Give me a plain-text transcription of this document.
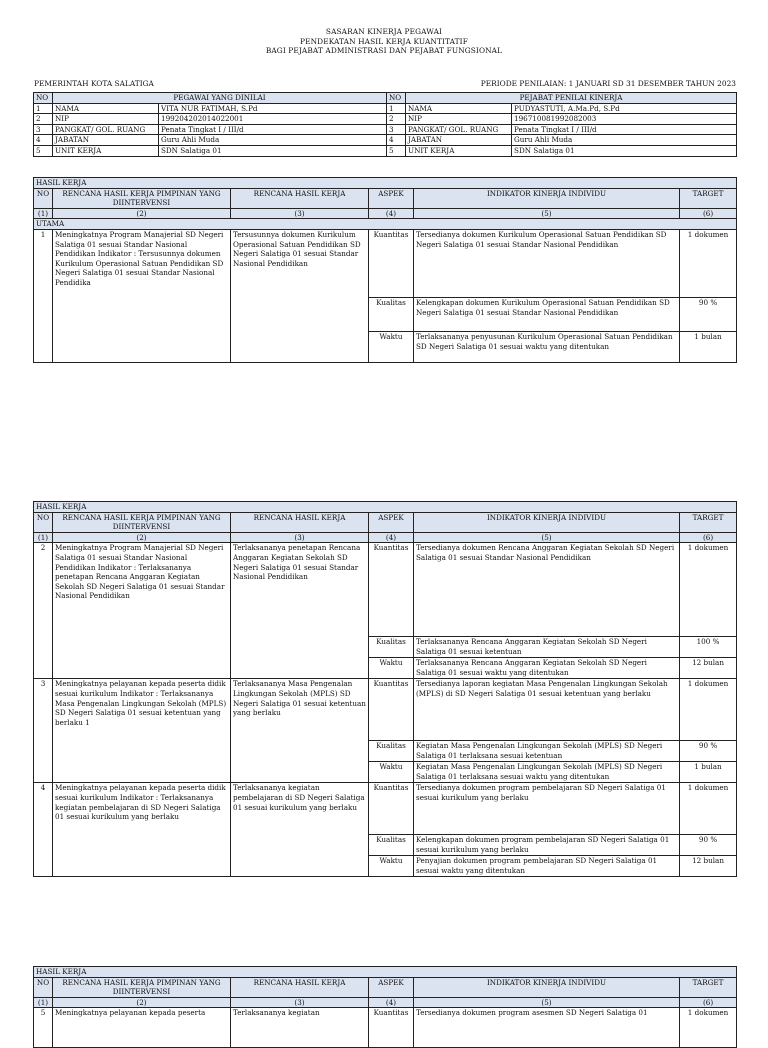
SASARAN KINERJA PEGAWAI
PENDEKATAN HASIL KERJA KUANTITATIF
BAGI PEJABAT ADMINISTRASI DAN PEJABAT FUNGSIONAL
PEMERINTAH KOTA SALATIGA	PERIODE PENILAIAN: 1 JANUARI SD 31 DESEMBER TAHUN 2023
NO	PEGAWAI YANG DINILAI		NO	PEJABAT PENILAI KINERJA	
1	NAMA	VITA NUR FATIMAH, S.Pd	1	NAMA	PUDYASTUTI, A.Ma.Pd, S.Pd
2	NIP	199204202014022001	2	NIP	196710081992082003
3	PANGKAT/ GOL. RUANG	Penata Tingkat I / III/d	3	PANGKAT/ GOL. RUANG	Penata Tingkat I / III/d
4	JABATAN	Guru Ahli Muda	4	JABATAN	Guru Ahli Muda
5	UNIT KERJA	SDN Salatiga 01	5	UNIT KERJA	SDN Salatiga 01
HASIL KERJA					
NO	RENCANA HASIL KERJA PIMPINAN YANG DIINTERVENSI	RENCANA HASIL KERJA	ASPEK	INDIKATOR KINERJA INDIVIDU	TARGET
(1)	(2)	(3)	(4)	(5)	(6)
UTAMA					
1	Meningkatnya Program Manajerial SD Negeri Salatiga 01 sesuai Standar Nasional Pendidikan Indikator : Tersusunnya dokumen Kurikulum Operasional Satuan Pendidikan SD Negeri Salatiga 01 sesuai Standar Nasional Pendidika	Tersusunnya dokumen Kurikulum Operasional Satuan Pendidikan SD Negeri Salatiga 01 sesuai Standar Nasional Pendidikan	Kuantitas	Tersedianya dokumen Kurikulum Operasional Satuan Pendidikan SD Negeri Salatiga 01 sesuai Standar Nasional Pendidikan	1 dokumen
			Kualitas	Kelengkapan dokumen Kurikulum Operasional Satuan Pendidikan SD Negeri Salatiga 01 sesuai Standar Nasional Pendidikan	90 %
			Waktu	Terlaksananya penyusunan Kurikulum Operasional Satuan Pendidikan SD Negeri Salatiga 01 sesuai waktu yang ditentukan	1 bulan
HASIL KERJA					
NO	RENCANA HASIL KERJA PIMPINAN YANG DIINTERVENSI	RENCANA HASIL KERJA	ASPEK	INDIKATOR KINERJA INDIVIDU	TARGET
(1)	(2)	(3)	(4)	(5)	(6)
2	Meningkatnya Program Manajerial SD Negeri Salatiga 01 sesuai Standar Nasional Pendidikan Indikator : Terlaksananya penetapan Rencana Anggaran Kegiatan Sekolah SD Negeri Salatiga 01 sesuai Standar Nasional Pendidikan	Terlaksananya penetapan Rencana Anggaran Kegiatan Sekolah SD Negeri Salatiga 01 sesuai Standar Nasional Pendidikan	Kuantitas	Tersedianya dokumen Rencana Anggaran Kegiatan Sekolah SD Negeri Salatiga 01 sesuai Standar Nasional Pendidikan	1 dokumen
			Kualitas	Terlaksananya Rencana Anggaran Kegiatan Sekolah SD Negeri Salatiga 01 sesuai ketentuan	100 %
			Waktu	Terlaksananya Rencana Anggaran Kegiatan Sekolah SD Negeri Salatiga 01 sesuai waktu yang ditentukan	12 bulan
3	Meningkatnya pelayanan kepada peserta didik sesuai kurikulum Indikator : Terlaksananya Masa Pengenalan Lingkungan Sekolah (MPLS) SD Negeri Salatiga 01 sesuai ketentuan yang berlaku 1	Terlaksananya Masa Pengenalan Lingkungan Sekolah (MPLS) SD Negeri Salatiga 01 sesuai ketentuan yang berlaku	Kuantitas	Tersedianya laporan kegiatan Masa Pengenalan Lingkungan Sekolah (MPLS) di SD Negeri Salatiga 01 sesuai ketentuan yang berlaku	1 dokumen
			Kualitas	Kegiatan Masa Pengenalan Lingkungan Sekolah (MPLS) SD Negeri Salatiga 01 terlaksana sesuai ketentuan	90 %
			Waktu	Kegiatan Masa Pengenalan Lingkungan Sekolah (MPLS) SD Negeri Salatiga 01 terlaksana sesuai waktu yang ditentukan	1 bulan
4	Meningkatnya pelayanan kepada peserta didik sesuai kurikulum Indikator : Terlaksananya kegiatan pembelajaran di SD Negeri Salatiga 01 sesuai kurikulum yang berlaku	Terlaksananya kegiatan pembelajaran di SD Negeri Salatiga 01 sesuai kurikulum yang berlaku	Kuantitas	Tersedianya dokumen program pembelajaran SD Negeri Salatiga 01 sesuai kurikulum yang berlaku	1 dokumen
			Kualitas	Kelengkapan dokumen program pembelajaran SD Negeri Salatiga 01 sesuai kurikulum yang berlaku	90 %
			Waktu	Penyajian dokumen program pembelajaran SD Negeri Salatiga 01 sesuai waktu yang ditentukan	12 bulan
HASIL KERJA					
NO	RENCANA HASIL KERJA PIMPINAN YANG DIINTERVENSI	RENCANA HASIL KERJA	ASPEK	INDIKATOR KINERJA INDIVIDU	TARGET
(1)	(2)	(3)	(4)	(5)	(6)
5	Meningkatnya pelayanan kepada peserta	Terlaksananya kegiatan	Kuantitas	Tersedianya dokumen program asesmen SD Negeri Salatiga 01	1 dokumen
